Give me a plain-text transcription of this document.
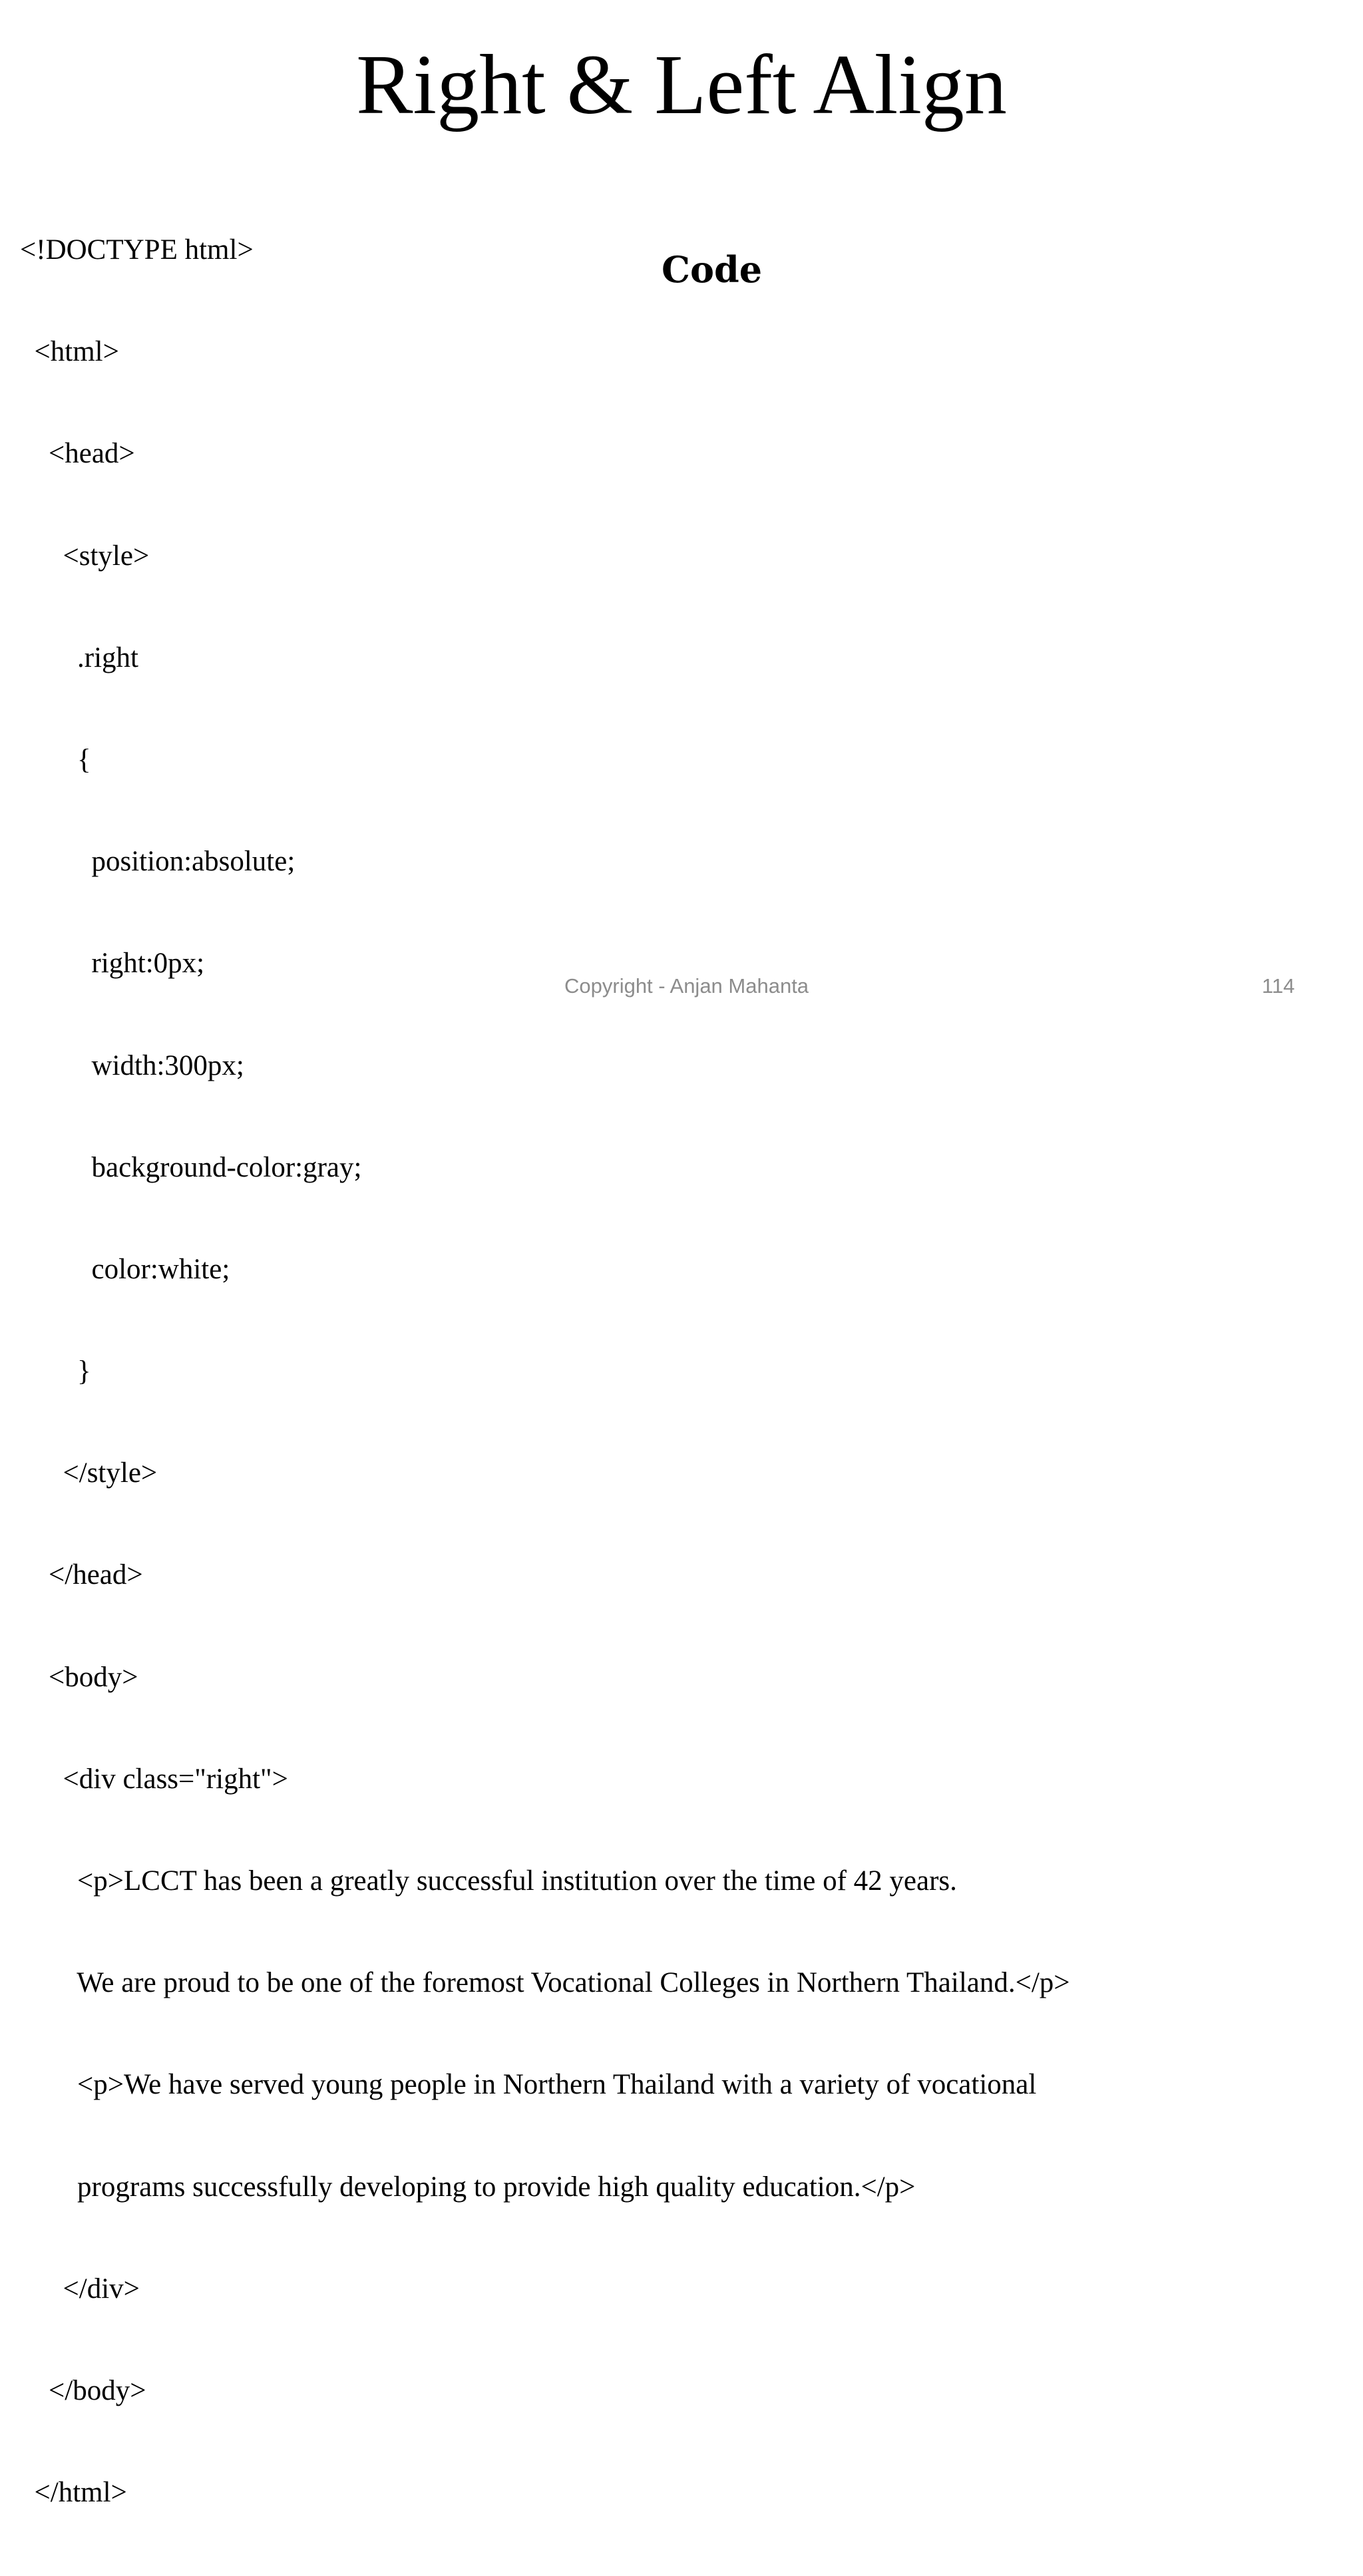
Right & Left Align
Code

<!DOCTYPE html>

<html>

<head>

<style>

.right

{

position:absolute;

right:0px;

width:300px;

background-color:gray;

color:white;

}

</style>

</head>

<body>

<div class="right">

<p>LCCT has been a greatly successful institution over the time of 42 years.

We are proud to be one of the foremost Vocational Colleges in Northern Thailand.</p>

<p>We have served young people in Northern Thailand with a variety of vocational

programs successfully developing to provide high quality education.</p>

</div>

</body>

</html>

Copyright - Anjan Mahanta	114
